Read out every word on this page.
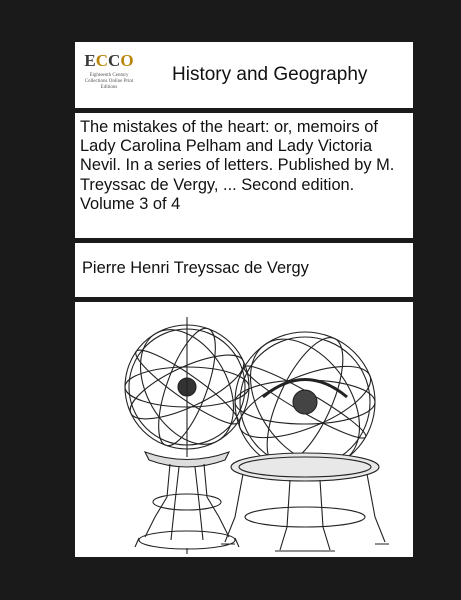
ECCO
Eighteenth Century Collections Online Print Editions
History and Geography
The mistakes of the heart: or, memoirs of Lady Carolina Pelham and Lady Victoria Nevil. In a series of letters. Published by M. Treyssac de Vergy, ... Second edition. Volume 3 of 4
Pierre Henri Treyssac de Vergy
